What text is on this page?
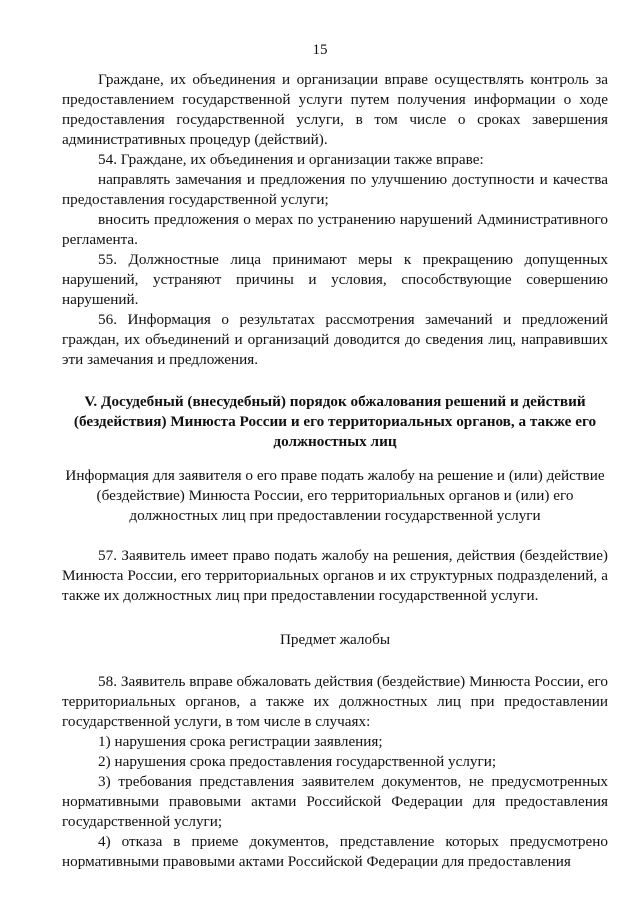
15

Граждане, их объединения и организации вправе осуществлять контроль за предоставлением государственной услуги путем получения информации о ходе предоставления государственной услуги, в том числе о сроках завершения административных процедур (действий).

54. Граждане, их объединения и организации также вправе:

направлять замечания и предложения по улучшению доступности и качества предоставления государственной услуги;

вносить предложения о мерах по устранению нарушений Административного регламента.

55. Должностные лица принимают меры к прекращению допущенных нарушений, устраняют причины и условия, способствующие совершению нарушений.

56. Информация о результатах рассмотрения замечаний и предложений граждан, их объединений и организаций доводится до сведения лиц, направивших эти замечания и предложения.

V. Досудебный (внесудебный) порядок обжалования решений и действий (бездействия) Минюста России и его территориальных органов, а также его должностных лиц
Информация для заявителя о его праве подать жалобу на решение и (или) действие (бездействие) Минюста России, его территориальных органов и (или) его должностных лиц при предоставлении государственной услуги

57. Заявитель имеет право подать жалобу на решения, действия (бездействие) Минюста России, его территориальных органов и их структурных подразделений, а также их должностных лиц при предоставлении государственной услуги.

Предмет жалобы

58. Заявитель вправе обжаловать действия (бездействие) Минюста России, его территориальных органов, а также их должностных лиц при предоставлении государственной услуги, в том числе в случаях:

1) нарушения срока регистрации заявления;

2) нарушения срока предоставления государственной услуги;

3) требования представления заявителем документов, не предусмотренных нормативными правовыми актами Российской Федерации для предоставления государственной услуги;

4) отказа в приеме документов, представление которых предусмотрено нормативными правовыми актами Российской Федерации для предоставления
